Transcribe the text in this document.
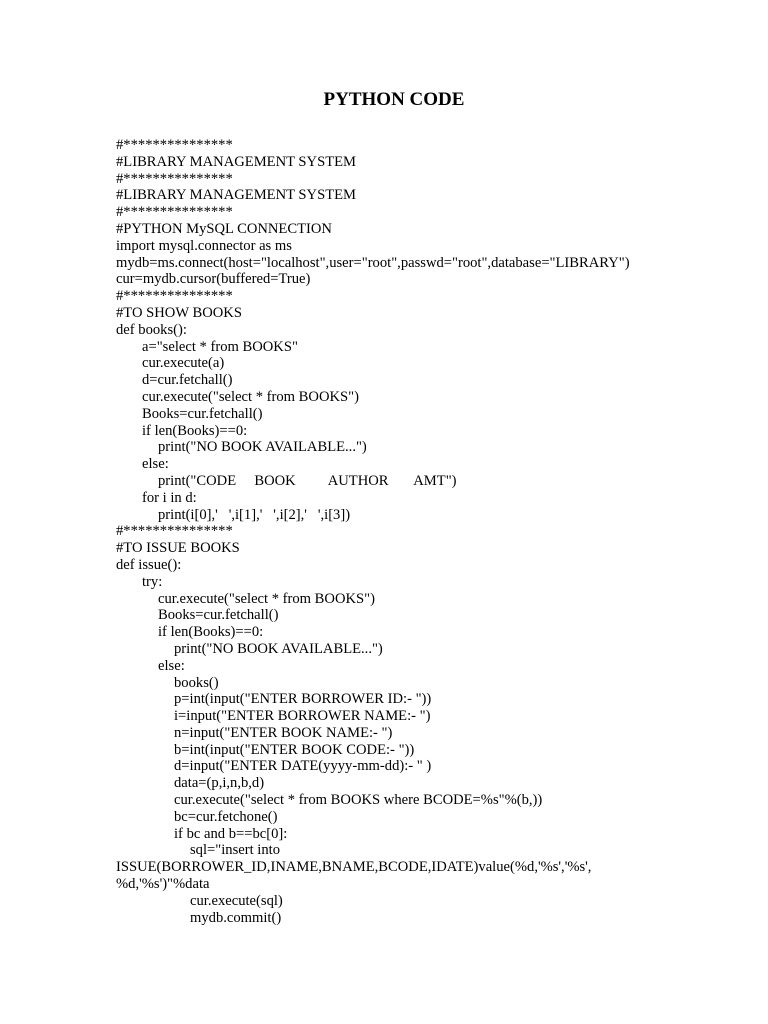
PYTHON CODE
#***************
#LIBRARY MANAGEMENT SYSTEM
#***************
#LIBRARY MANAGEMENT SYSTEM
#***************
#PYTHON MySQL CONNECTION
import mysql.connector as ms
mydb=ms.connect(host="localhost",user="root",passwd="root",database="LIBRARY")
cur=mydb.cursor(buffered=True)
#***************
#TO SHOW BOOKS
def books():
a="select * from BOOKS"
cur.execute(a)
d=cur.fetchall()
cur.execute("select * from BOOKS")
Books=cur.fetchall()
if len(Books)==0:
print("NO BOOK AVAILABLE...")
else:
print("CODE     BOOK         AUTHOR       AMT")
for i in d:
print(i[0],'   ',i[1],'   ',i[2],'   ',i[3])
#***************
#TO ISSUE BOOKS
def issue():
try:
cur.execute("select * from BOOKS")
Books=cur.fetchall()
if len(Books)==0:
print("NO BOOK AVAILABLE...")
else:
books()
p=int(input("ENTER BORROWER ID:- "))
i=input("ENTER BORROWER NAME:- ")
n=input("ENTER BOOK NAME:- ")
b=int(input("ENTER BOOK CODE:- "))
d=input("ENTER DATE(yyyy-mm-dd):- " )
data=(p,i,n,b,d)
cur.execute("select * from BOOKS where BCODE=%s"%(b,))
bc=cur.fetchone()
if bc and b==bc[0]:
sql="insert into
ISSUE(BORROWER_ID,INAME,BNAME,BCODE,IDATE)value(%d,'%s','%s',
%d,'%s')"%data
cur.execute(sql)
mydb.commit()
